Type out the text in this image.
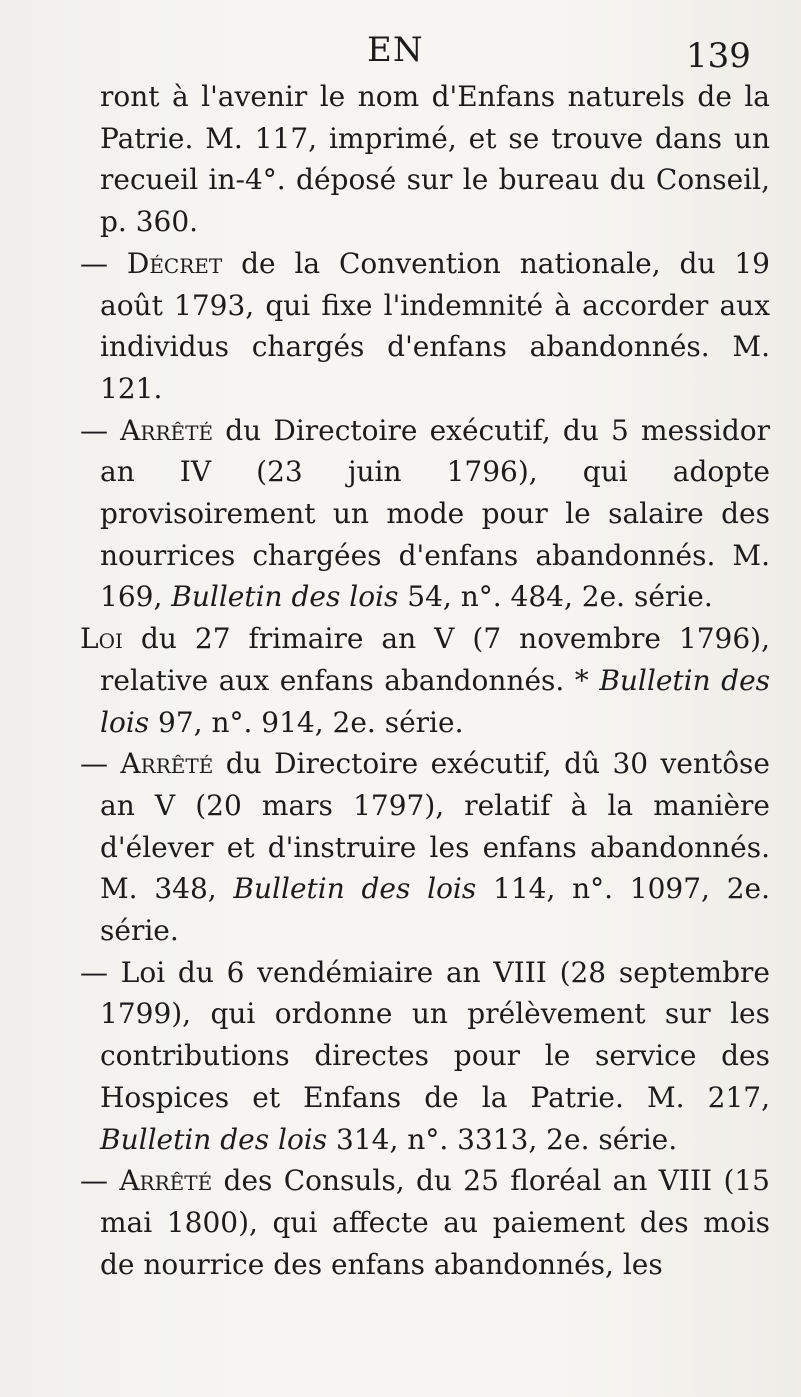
EN	139

ront à l'avenir le nom d'Enfans naturels de la Patrie. M. 117, imprimé, et se trouve dans un recueil in-4°. déposé sur le bureau du Conseil, p. 360.

— Décret de la Convention nationale, du 19 août 1793, qui fixe l'indemnité à accorder aux individus chargés d'enfans abandonnés. M. 121.

— Arrêté du Directoire exécutif, du 5 messidor an IV (23 juin 1796), qui adopte provisoirement un mode pour le salaire des nourrices chargées d'enfans abandonnés. M. 169, Bulletin des lois 54, n°. 484, 2e. série.

Loi du 27 frimaire an V (7 novembre 1796), relative aux enfans abandonnés. * Bulletin des lois 97, n°. 914, 2e. série.

— Arrêté du Directoire exécutif, dû 30 ventôse an V (20 mars 1797), relatif à la manière d'élever et d'instruire les enfans abandonnés. M. 348, Bulletin des lois 114, n°. 1097, 2e. série.

— Loi du 6 vendémiaire an VIII (28 septembre 1799), qui ordonne un prélèvement sur les contributions directes pour le service des Hospices et Enfans de la Patrie. M. 217, Bulletin des lois 314, n°. 3313, 2e. série.

— Arrêté des Consuls, du 25 floréal an VIII (15 mai 1800), qui affecte au paiement des mois de nourrice des enfans abandonnés, les
